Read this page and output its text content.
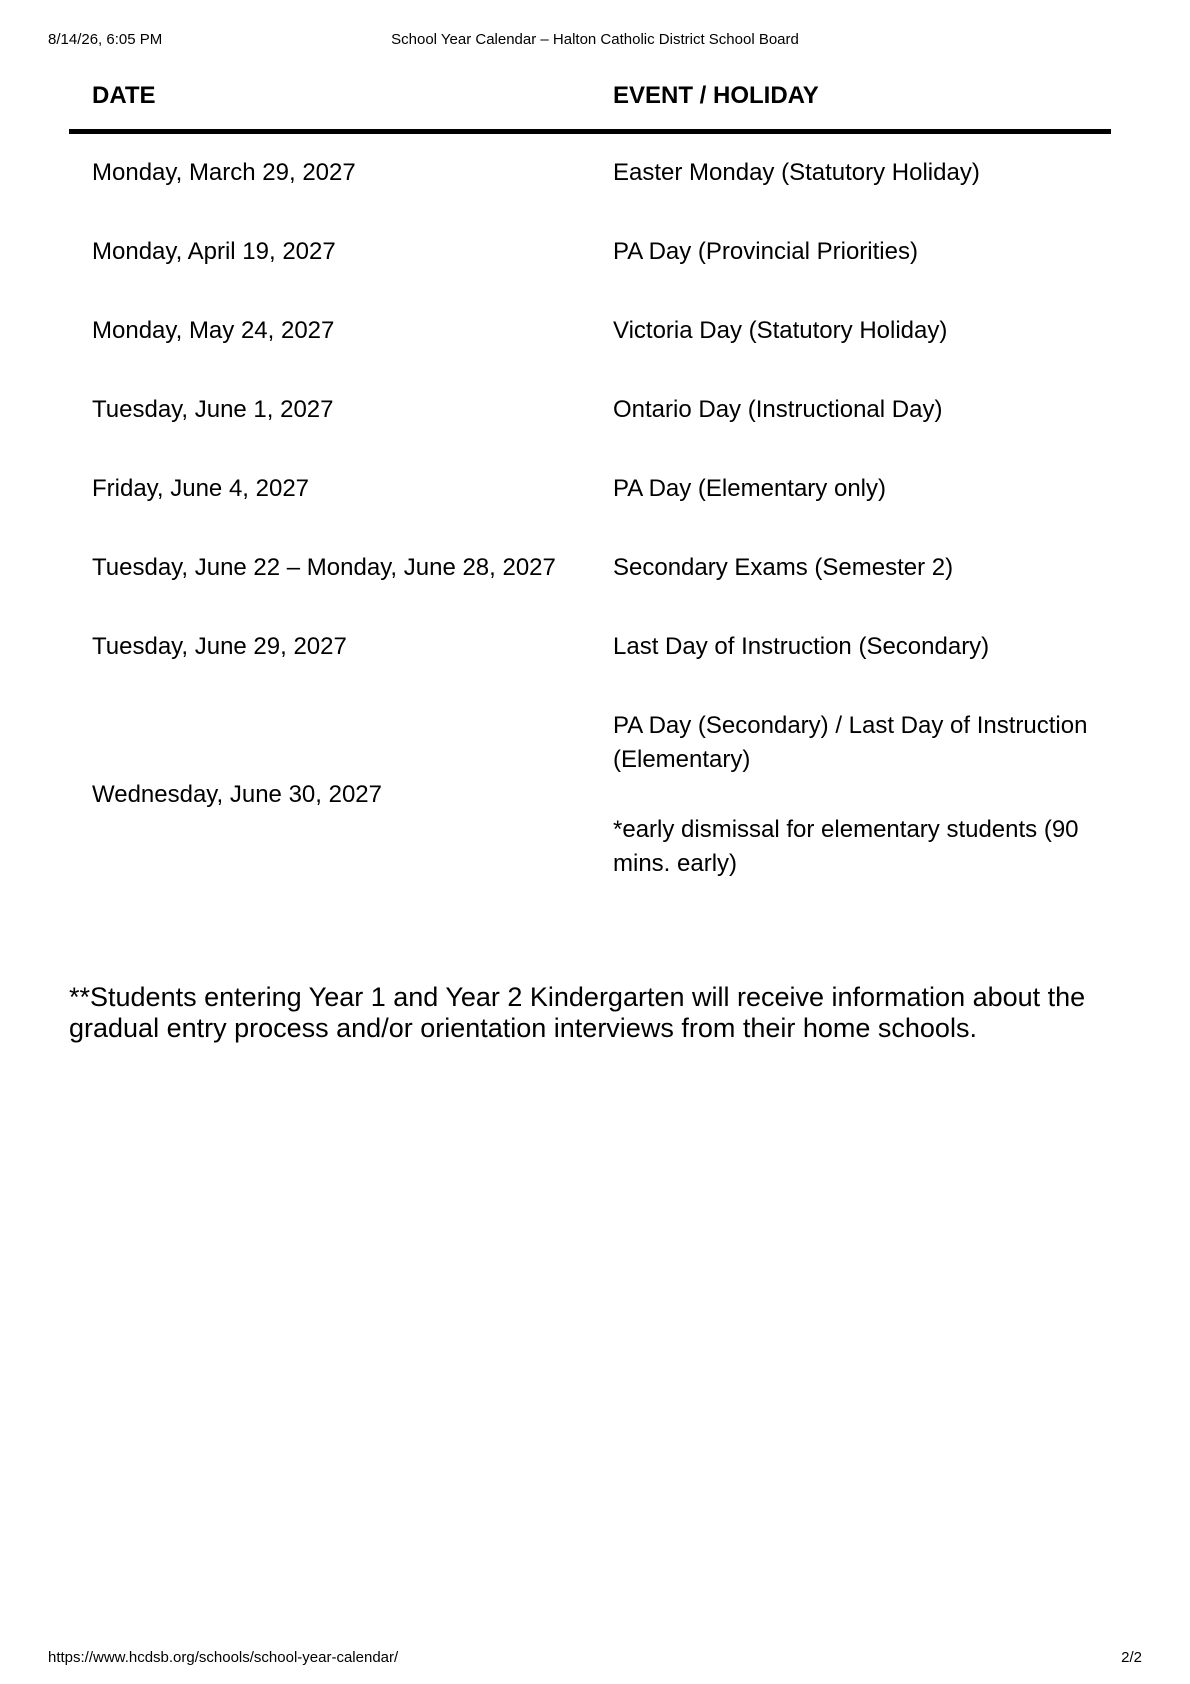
8/14/26, 6:05 PM	School Year Calendar – Halton Catholic District School Board
DATE	EVENT / HOLIDAY
Monday, March 29, 2027	Easter Monday (Statutory Holiday)

Monday, April 19, 2027	PA Day (Provincial Priorities)

Monday, May 24, 2027	Victoria Day (Statutory Holiday)

Tuesday, June 1, 2027	Ontario Day (Instructional Day)

Friday, June 4, 2027	PA Day (Elementary only)

Tuesday, June 22 – Monday, June 28, 2027	Secondary Exams (Semester 2)

Tuesday, June 29, 2027	Last Day of Instruction (Secondary)

Wednesday, June 30, 2027	PA Day (Secondary) / Last Day of Instruction (Elementary)

*early dismissal for elementary students (90 mins. early)

**Students entering Year 1 and Year 2 Kindergarten will receive information about the gradual entry process and/or orientation interviews from their home schools.

https://www.hcdsb.org/schools/school-year-calendar/	2/2
